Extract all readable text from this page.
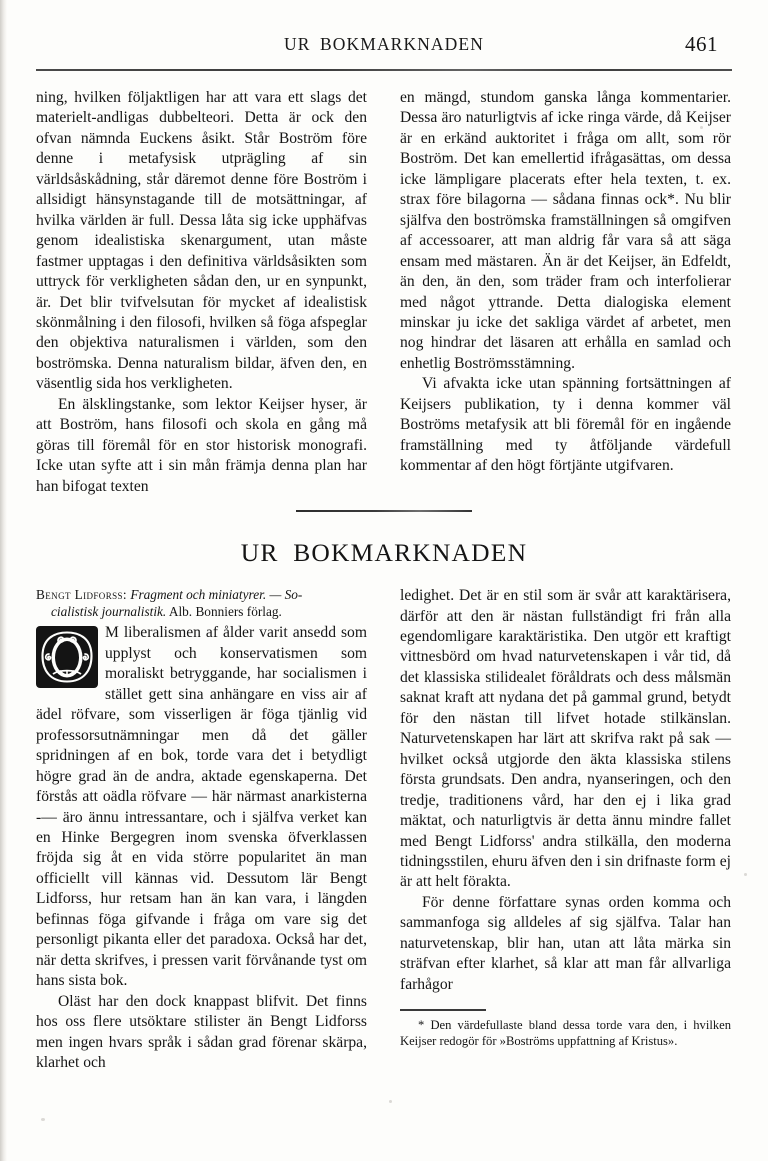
UR BOKMARKNADEN	461

ning, hvilken följaktligen har att vara ett slags det materielt-andligas dubbelteori. Detta är ock den ofvan nämnda Euckens åsikt. Står Boström före denne i metafysisk utprägling af sin världsåskådning, står däremot denne före Boström i allsidigt hänsynstagande till de motsättningar, af hvilka världen är full. Dessa låta sig icke upphäfvas genom idealistiska skenargument, utan måste fastmer upptagas i den definitiva världsåsikten som uttryck för verkligheten sådan den, ur en synpunkt, är. Det blir tvifvelsutan för mycket af idealistisk skönmålning i den filosofi, hvilken så föga afspeglar den objektiva naturalismen i världen, som den boströmska. Denna naturalism bildar, äfven den, en väsentlig sida hos verkligheten.

En älsklingstanke, som lektor Keijser hyser, är att Boström, hans filosofi och skola en gång må göras till föremål för en stor historisk monografi. Icke utan syfte att i sin mån främja denna plan har han bifogat texten

en mängd, stundom ganska långa kommentarier. Dessa äro naturligtvis af icke ringa värde, då Keijser är en erkänd auktoritet i fråga om allt, som rör Boström. Det kan emellertid ifrågasättas, om dessa icke lämpligare placerats efter hela texten, t. ex. strax före bilagorna — sådana finnas ock*. Nu blir själfva den boströmska framställningen så omgifven af accessoarer, att man aldrig får vara så att säga ensam med mästaren. Än är det Keijser, än Edfeldt, än den, än den, som träder fram och interfolierar med något yttrande. Detta dialogiska element minskar ju icke det sakliga värdet af arbetet, men nog hindrar det läsaren att erhålla en samlad och enhetlig Boströmsstämning.

Vi afvakta icke utan spänning fortsättningen af Keijsers publikation, ty i denna kommer väl Boströms metafysik att bli föremål för en ingående framställning med ty åtföljande värdefull kommentar af den högt förtjänte utgifvaren.

UR BOKMARKNADEN

Bengt Lidforss: Fragment och miniatyrer. — So-
cialistisk journalistik. Alb. Bonniers förlag.

M liberalismen af ålder varit ansedd som upplyst och konservatismen som moraliskt betryggande, har socialismen i stället gett sina anhängare en viss air af ädel röfvare, som visserligen är föga tjänlig vid professorsutnämningar men då det gäller spridningen af en bok, torde vara det i betydligt högre grad än de andra, aktade egenskaperna. Det förstås att oädla röfvare — här närmast anarkisterna -— äro ännu intressantare, och i själfva verket kan en Hinke Bergegren inom svenska öfverklassen fröjda sig åt en vida större popularitet än man officiellt vill kännas vid. Dessutom lär Bengt Lidforss, hur retsam han än kan vara, i längden befinnas föga gifvande i fråga om vare sig det personligt pikanta eller det paradoxa. Också har det, när detta skrifves, i pressen varit förvånande tyst om hans sista bok.

Oläst har den dock knappast blifvit. Det finns hos oss flere utsöktare stilister än Bengt Lidforss men ingen hvars språk i sådan grad förenar skärpa, klarhet och

ledighet. Det är en stil som är svår att karaktärisera, därför att den är nästan fullständigt fri från alla egendomligare karaktäristika. Den utgör ett kraftigt vittnesbörd om hvad naturvetenskapen i vår tid, då det klassiska stilidealet föråldrats och dess målsmän saknat kraft att nydana det på gammal grund, betydt för den nästan till lifvet hotade stilkänslan. Naturvetenskapen har lärt att skrifva rakt på sak — hvilket också utgjorde den äkta klassiska stilens första grundsats. Den andra, nyanseringen, och den tredje, traditionens vård, har den ej i lika grad mäktat, och naturligtvis är detta ännu mindre fallet med Bengt Lidforss' andra stilkälla, den moderna tidningsstilen, ehuru äfven den i sin drifnaste form ej är att helt förakta.

För denne författare synas orden komma och sammanfoga sig alldeles af sig själfva. Talar han naturvetenskap, blir han, utan att låta märka sin sträfvan efter klarhet, så klar att man får allvarliga farhågor

* Den värdefullaste bland dessa torde vara den, i hvilken Keijser redogör för »Boströms uppfattning af Kristus».
